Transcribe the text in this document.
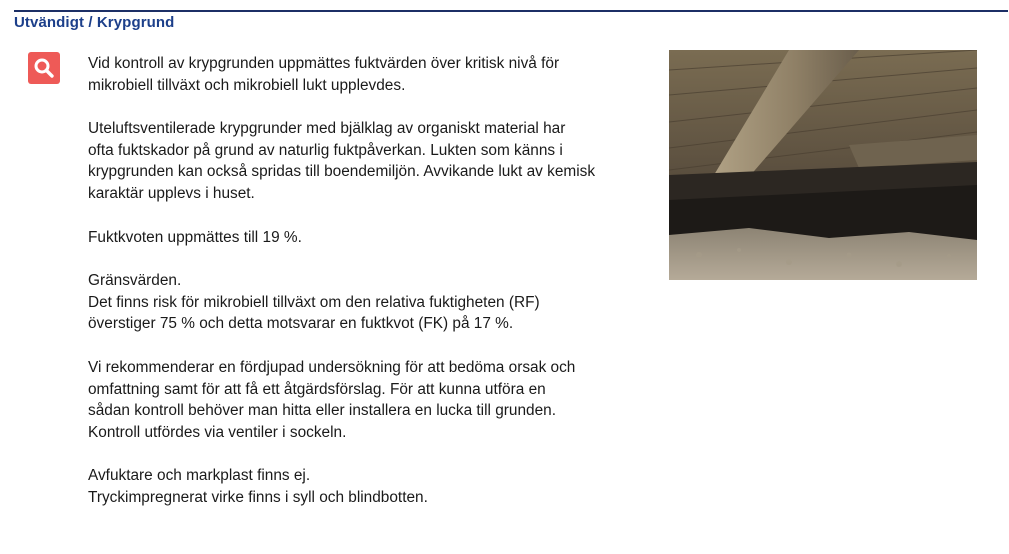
Utvändigt / Krypgrund

Vid kontroll av krypgrunden uppmättes fuktvärden över kritisk nivå för
mikrobiell tillväxt och mikrobiell lukt upplevdes.

Uteluftsventilerade krypgrunder med bjälklag av organiskt material har
ofta fuktskador på grund av naturlig fuktpåverkan. Lukten som känns i
krypgrunden kan också spridas till boendemiljön. Avvikande lukt av kemisk
karaktär upplevs i huset.

Fuktkvoten uppmättes till 19 %.

Gränsvärden.
Det finns risk för mikrobiell tillväxt om den relativa fuktigheten (RF)
överstiger 75 % och detta motsvarar en fuktkvot (FK) på 17 %.

Vi rekommenderar en fördjupad undersökning för att bedöma orsak och
omfattning samt för att få ett åtgärdsförslag. För att kunna utföra en
sådan kontroll behöver man hitta eller installera en lucka till grunden.
Kontroll utfördes via ventiler i sockeln.

Avfuktare och markplast finns ej.
Tryckimpregnerat virke finns i syll och blindbotten.
